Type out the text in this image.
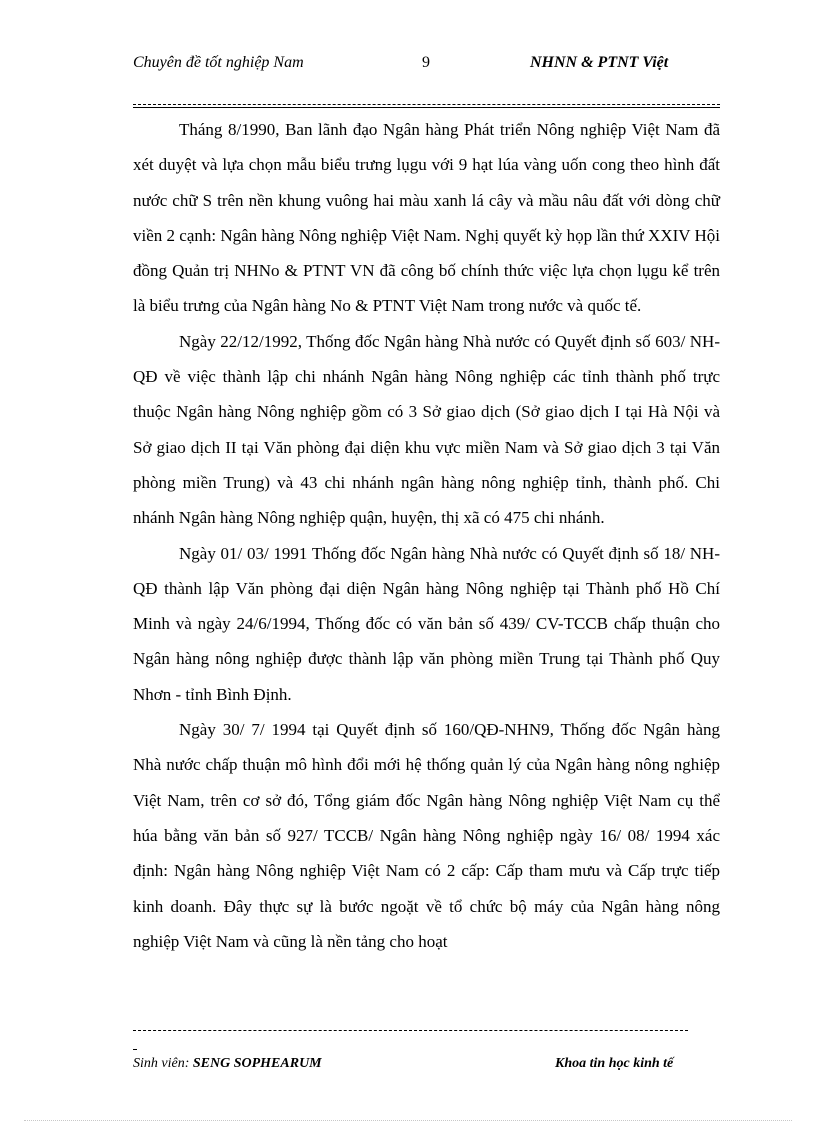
Chuyên đề tốt nghiệp Nam	9	NHNN & PTNT Việt

Tháng 8/1990, Ban lãnh đạo Ngân hàng Phát triển Nông nghiệp Việt Nam đã xét duyệt và lựa chọn mẫu biểu trưng lụgu với 9 hạt lúa vàng uốn cong theo hình đất nước chữ S trên nền khung vuông hai màu xanh lá cây và mầu nâu đất với dòng chữ viền 2 cạnh: Ngân hàng Nông nghiệp Việt Nam. Nghị quyết kỳ họp lần thứ XXIV Hội đồng Quản trị NHNo & PTNT VN đã công bố chính thức việc lựa chọn lụgu kể trên là biểu trưng của Ngân hàng No & PTNT Việt Nam trong nước và quốc tế.

Ngày 22/12/1992, Thống đốc Ngân hàng Nhà nước có Quyết định số 603/ NH-QĐ về việc thành lập chi nhánh Ngân hàng Nông nghiệp các tỉnh thành phố trực thuộc Ngân hàng Nông nghiệp gồm có 3 Sở giao dịch (Sở giao dịch I tại Hà Nội và Sở giao dịch II tại Văn phòng đại diện khu vực miền Nam và Sở giao dịch 3 tại Văn phòng miền Trung) và 43 chi nhánh ngân hàng nông nghiệp tỉnh, thành phố. Chi nhánh Ngân hàng Nông nghiệp quận, huyện, thị xã có 475 chi nhánh.

Ngày 01/ 03/ 1991 Thống đốc Ngân hàng Nhà nước có Quyết định số 18/ NH-QĐ thành lập Văn phòng đại diện Ngân hàng Nông nghiệp tại Thành phố Hồ Chí Minh và ngày 24/6/1994, Thống đốc có văn bản số 439/ CV-TCCB chấp thuận cho Ngân hàng nông nghiệp được thành lập văn phòng miền Trung tại Thành phố Quy Nhơn - tỉnh Bình Định.

Ngày 30/ 7/ 1994 tại Quyết định số 160/QĐ-NHN9, Thống đốc Ngân hàng Nhà nước chấp thuận mô hình đổi mới hệ thống quản lý của Ngân hàng nông nghiệp Việt Nam, trên cơ sở đó, Tổng giám đốc Ngân hàng Nông nghiệp Việt Nam cụ thể húa bằng văn bản số 927/ TCCB/ Ngân hàng Nông nghiệp ngày 16/ 08/ 1994 xác định: Ngân hàng Nông nghiệp Việt Nam có 2 cấp: Cấp tham mưu và Cấp trực tiếp kinh doanh. Đây thực sự là bước ngoặt về tổ chức bộ máy của Ngân hàng nông nghiệp Việt Nam và cũng là nền tảng cho hoạt

Sinh viên: SENG SOPHEARUM	Khoa tin học kinh tế
